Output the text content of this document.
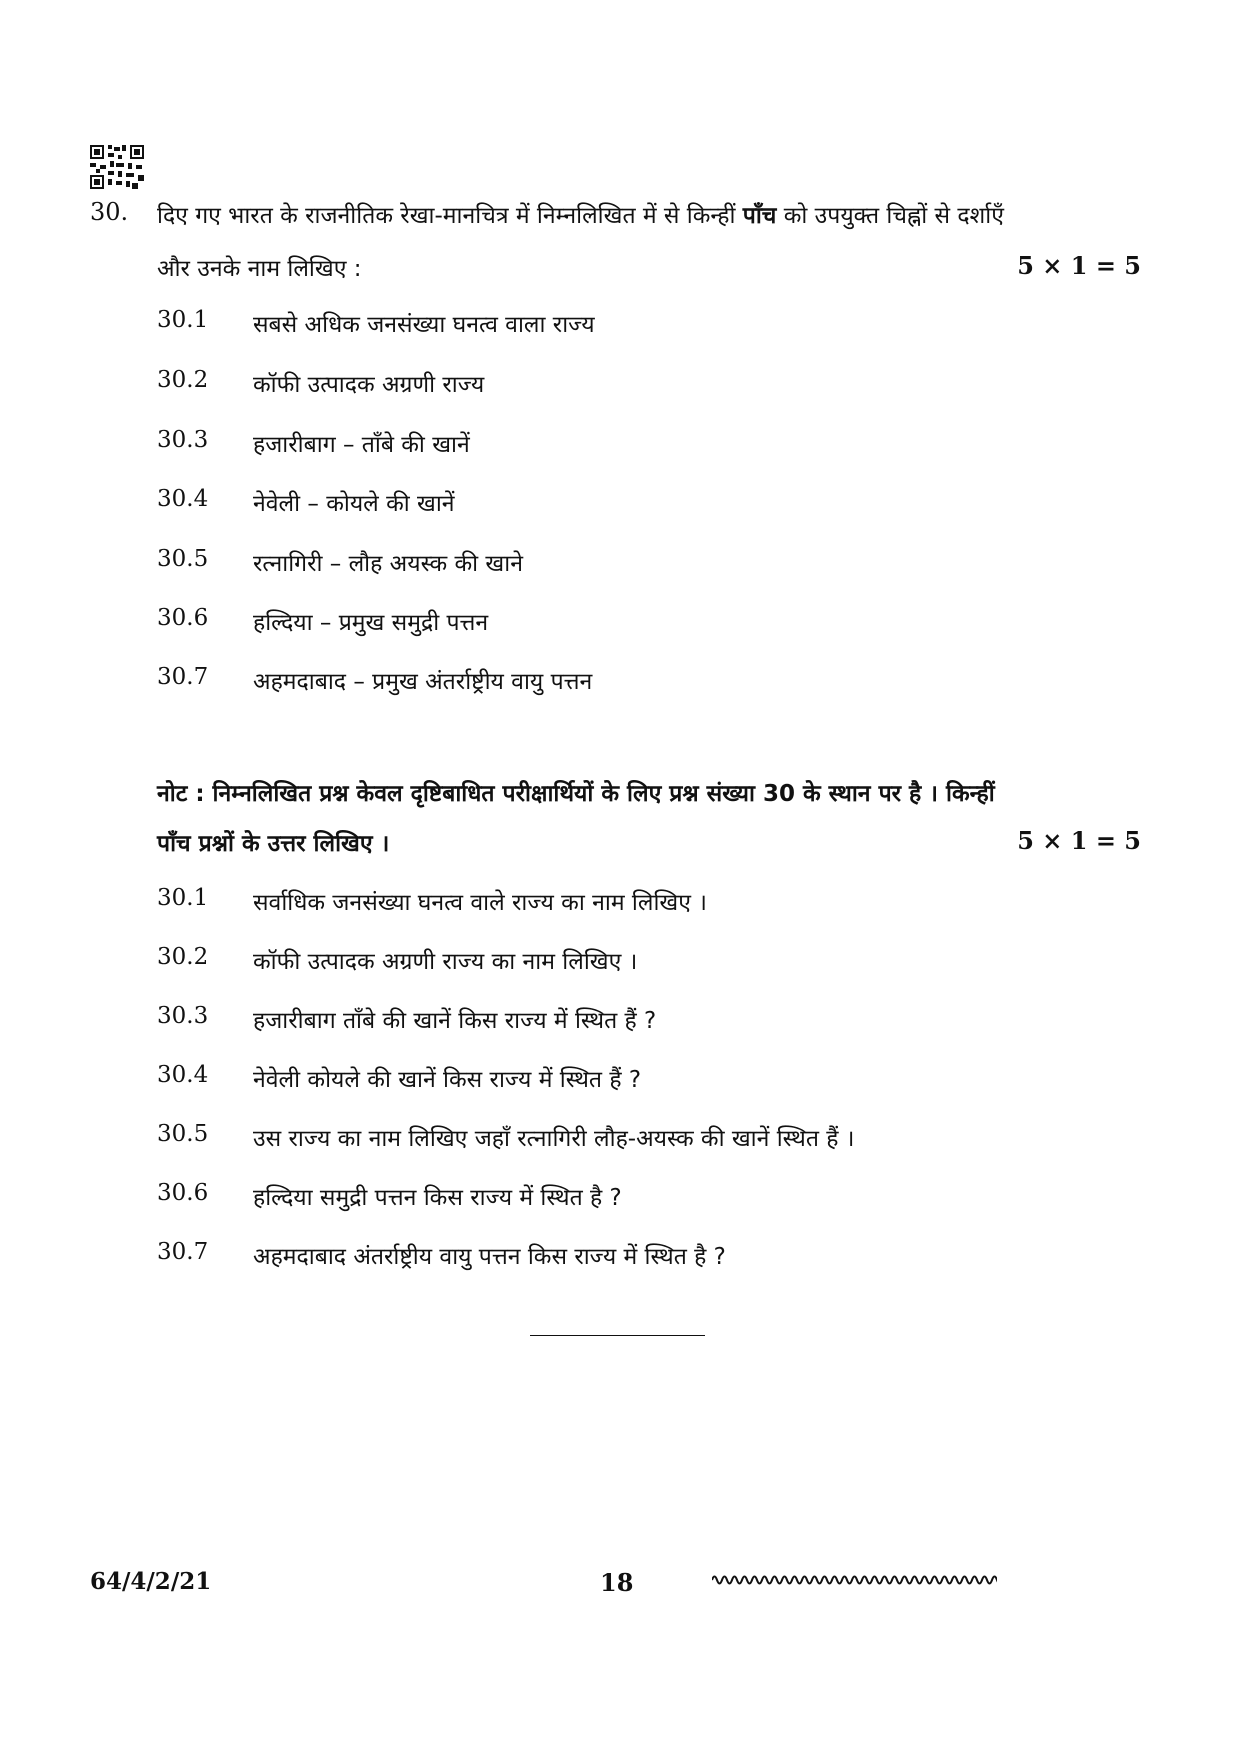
30. दिए गए भारत के राजनीतिक रेखा-मानचित्र में निम्नलिखित में से किन्हीं पाँच को उपयुक्त चिह्नों से दर्शाएँ
और उनके नाम लिखिए :	5 × 1 = 5
30.1 सबसे अधिक जनसंख्या घनत्व वाला राज्य
30.2 कॉफी उत्पादक अग्रणी राज्य
30.3 हजारीबाग – ताँबे की खानें
30.4 नेवेली – कोयले की खानें
30.5 रत्नागिरी – लौह अयस्क की खाने
30.6 हल्दिया – प्रमुख समुद्री पत्तन
30.7 अहमदाबाद – प्रमुख अंतर्राष्ट्रीय वायु पत्तन
नोट : निम्नलिखित प्रश्न केवल दृष्टिबाधित परीक्षार्थियों के लिए प्रश्न संख्या 30 के स्थान पर है । किन्हीं
पाँच प्रश्नों के उत्तर लिखिए ।	5 × 1 = 5
30.1 सर्वाधिक जनसंख्या घनत्व वाले राज्य का नाम लिखिए ।
30.2 कॉफी उत्पादक अग्रणी राज्य का नाम लिखिए ।
30.3 हजारीबाग ताँबे की खानें किस राज्य में स्थित हैं ?
30.4 नेवेली कोयले की खानें किस राज्य में स्थित हैं ?
30.5 उस राज्य का नाम लिखिए जहाँ रत्नागिरी लौह-अयस्क की खानें स्थित हैं ।
30.6 हल्दिया समुद्री पत्तन किस राज्य में स्थित है ?
30.7 अहमदाबाद अंतर्राष्ट्रीय वायु पत्तन किस राज्य में स्थित है ?
64/4/2/21	18
